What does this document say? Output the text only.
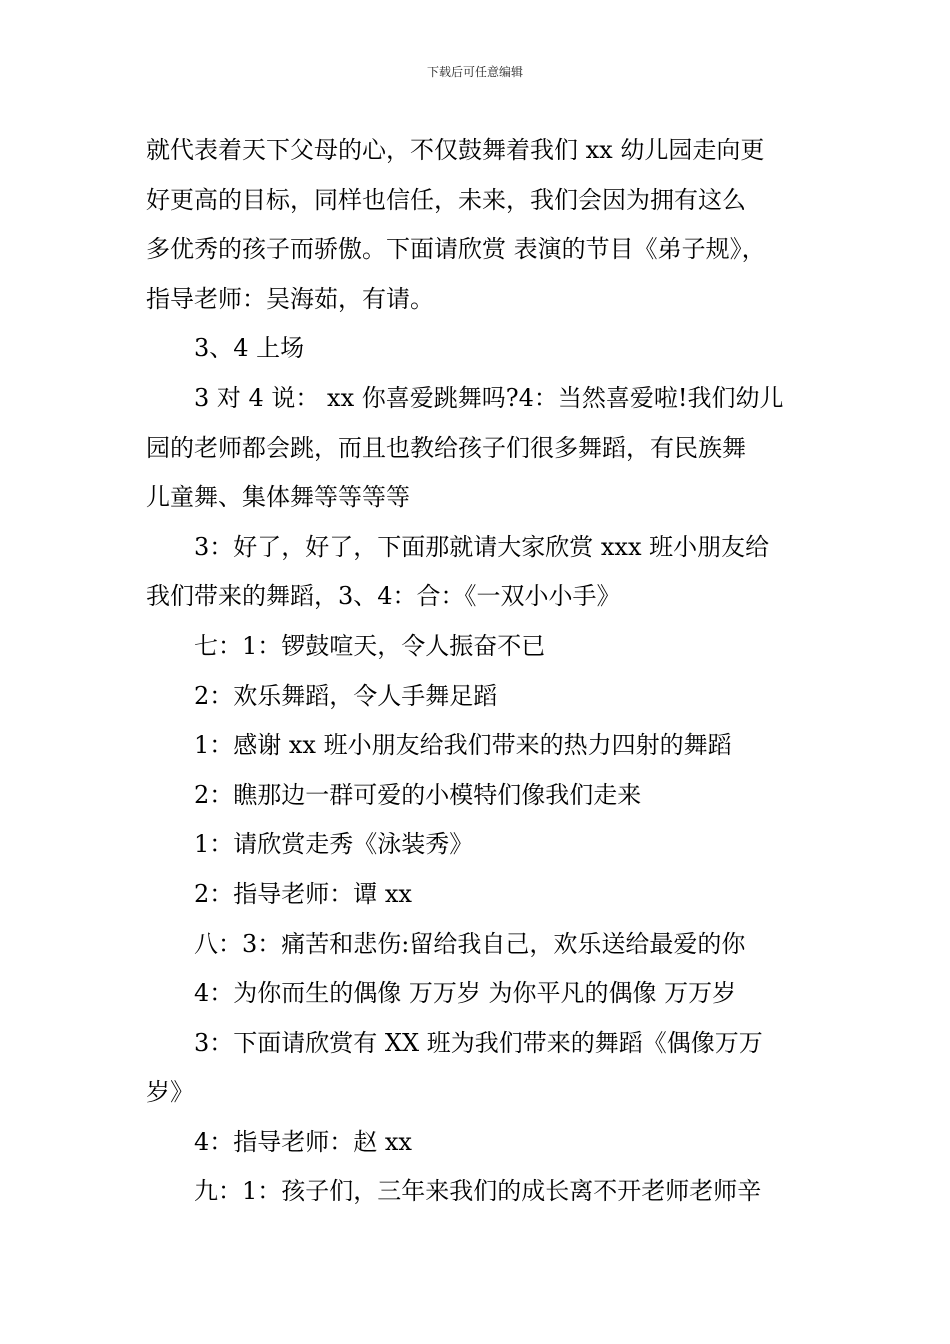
下载后可任意编辑

就代表着天下父母的心，不仅鼓舞着我们 xx 幼儿园走向更
好更高的目标，同样也信任，未来，我们会因为拥有这么
多优秀的孩子而骄傲。下面请欣赏 表演的节目《弟子规》，
指导老师：吴海茹，有请。

3、4 上场

3 对 4 说： xx 你喜爱跳舞吗?4：当然喜爱啦!我们幼儿

园的老师都会跳，而且也教给孩子们很多舞蹈，有民族舞
儿童舞、集体舞等等等等

3：好了，好了，下面那就请大家欣赏 xxx 班小朋友给

我们带来的舞蹈，3、4：合：《一双小小手》

七：1：锣鼓喧天，令人振奋不已

2：欢乐舞蹈，令人手舞足蹈

1：感谢 xx 班小朋友给我们带来的热力四射的舞蹈

2：瞧那边一群可爱的小模特们像我们走来

1：请欣赏走秀《泳装秀》

2：指导老师：谭 xx

八：3：痛苦和悲伤:留给我自己，欢乐送给最爱的你

4：为你而生的偶像 万万岁 为你平凡的偶像 万万岁

3：下面请欣赏有 XX 班为我们带来的舞蹈《偶像万万

岁》

4：指导老师：赵 xx

九：1：孩子们，三年来我们的成长离不开老师老师辛
